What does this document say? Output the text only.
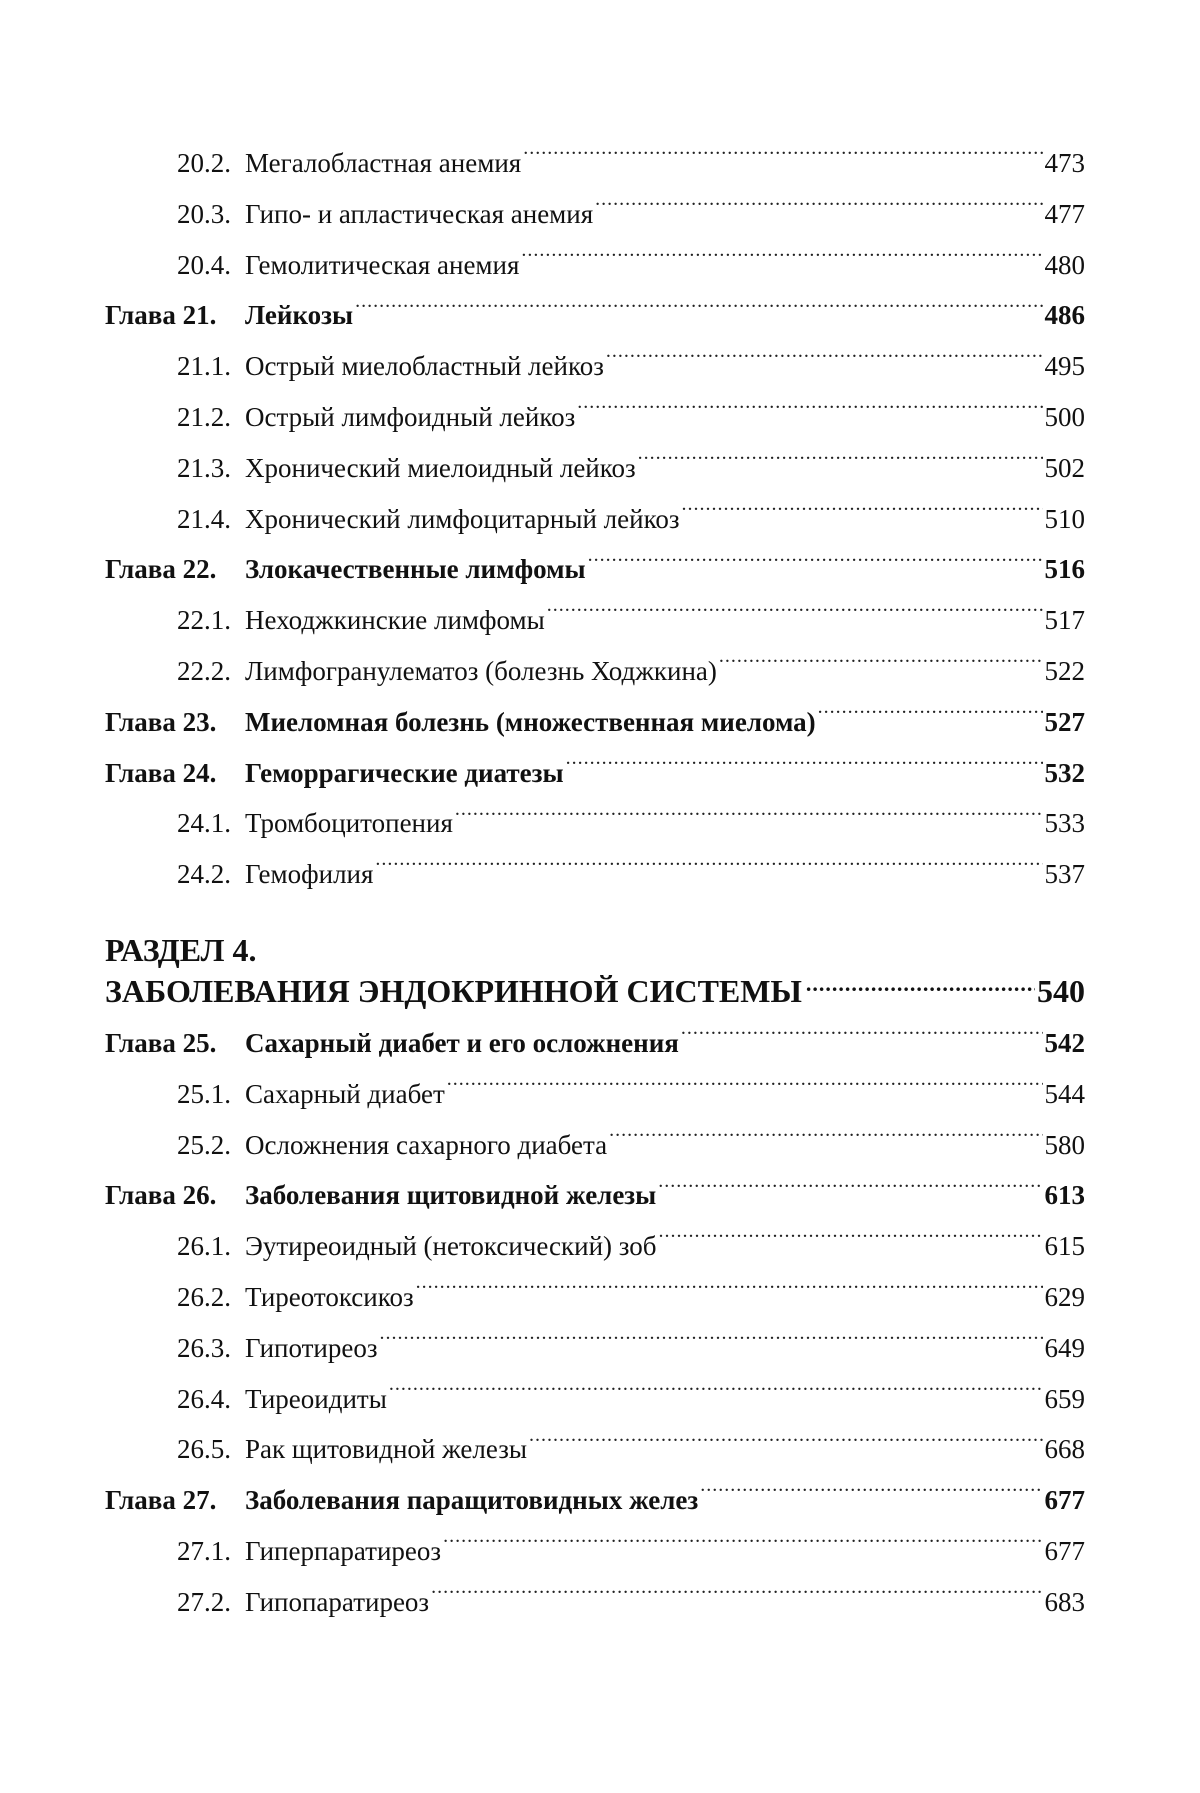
20.2. Мегалобластная анемия .....	473
20.3. Гипо- и апластическая анемия .....	477
20.4. Гемолитическая анемия .....	480
Глава 21.	Лейкозы .....	486
21.1. Острый миелобластный лейкоз .....	495
21.2. Острый лимфоидный лейкоз .....	500
21.3. Хронический миелоидный лейкоз .....	502
21.4. Хронический лимфоцитарный лейкоз .....	510
Глава 22.	Злокачественные лимфомы .....	516
22.1. Неходжкинские лимфомы .....	517
22.2. Лимфогранулематоз (болезнь Ходжкина) .....	522
Глава 23.	Миеломная болезнь (множественная миелома) .....	527
Глава 24.	Геморрагические диатезы .....	532
24.1. Тромбоцитопения .....	533
24.2. Гемофилия .....	537
РАЗДЕЛ 4.
ЗАБОЛЕВАНИЯ ЭНДОКРИННОЙ СИСТЕМЫ .....	540
Глава 25.	Сахарный диабет и его осложнения .....	542
25.1. Сахарный диабет .....	544
25.2. Осложнения сахарного диабета .....	580
Глава 26.	Заболевания щитовидной железы .....	613
26.1. Эутиреоидный (нетоксический) зоб .....	615
26.2. Тиреотоксикоз .....	629
26.3. Гипотиреоз .....	649
26.4. Тиреоидиты .....	659
26.5. Рак щитовидной железы .....	668
Глава 27.	Заболевания паращитовидных желез .....	677
27.1. Гиперпаратиреоз .....	677
27.2. Гипопаратиреоз .....	683
